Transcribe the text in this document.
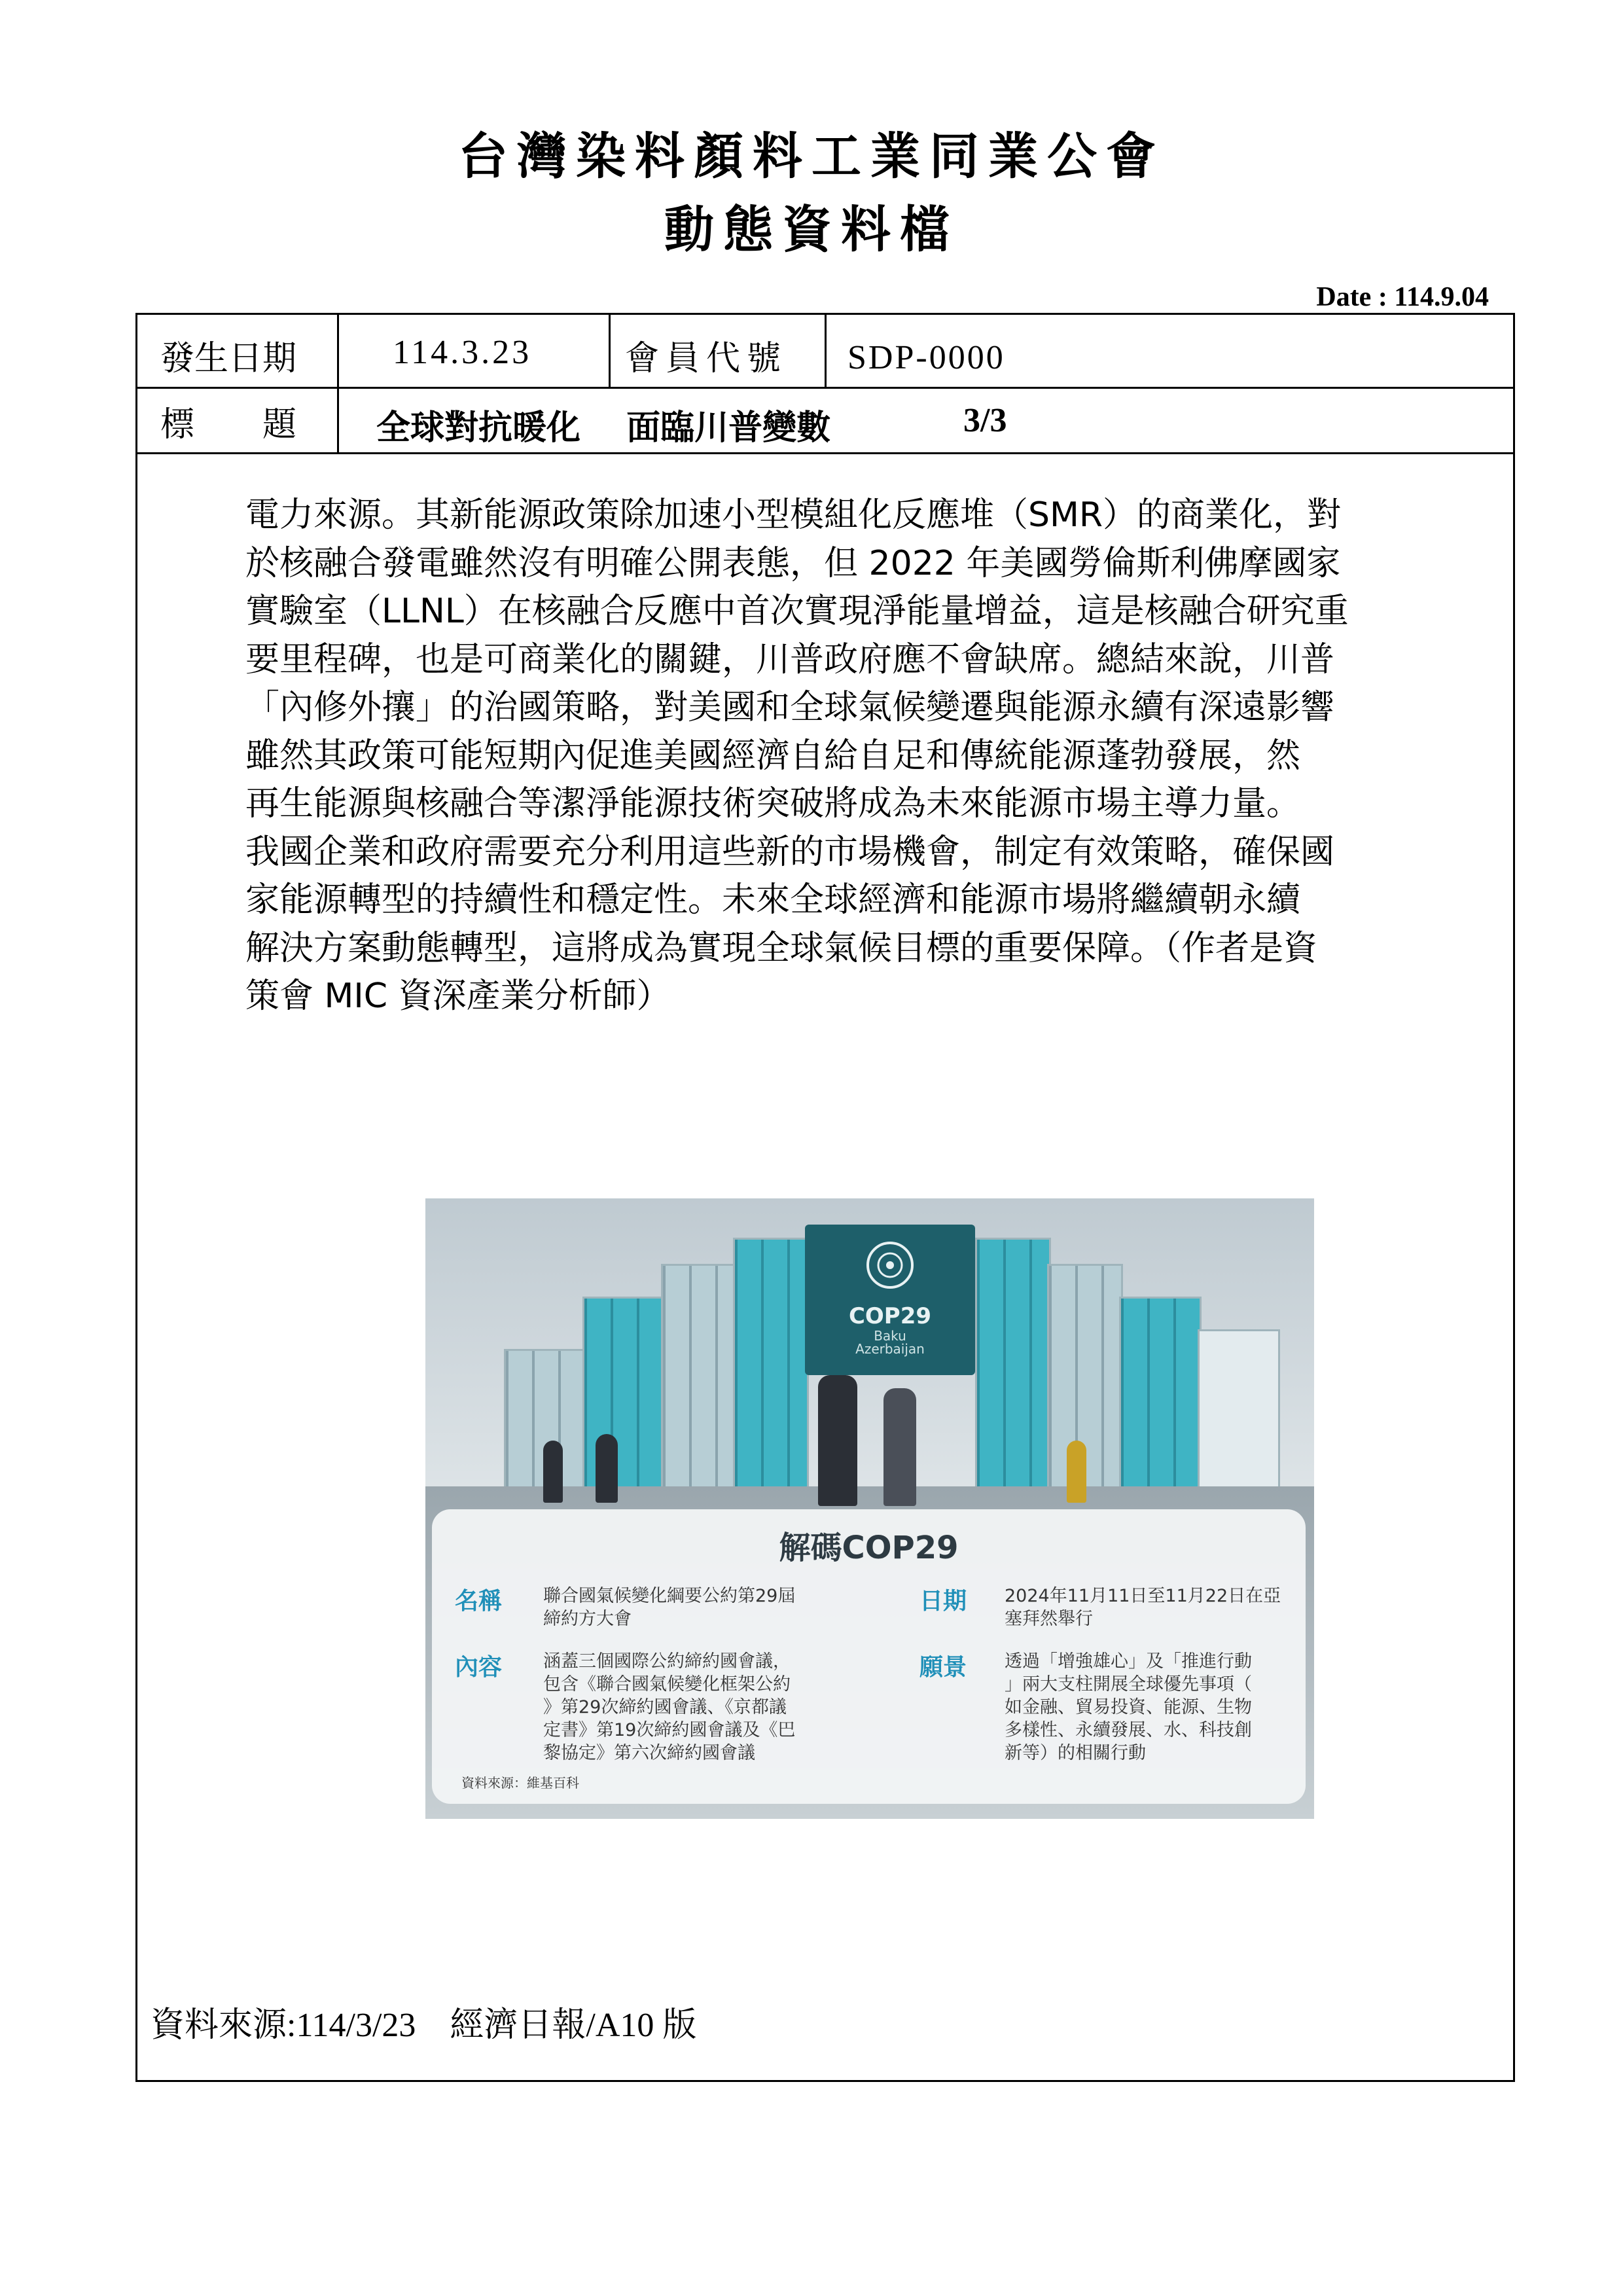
台灣染料顏料工業同業公會
動態資料檔
Date : 114.9.04
發生日期	114.3.23	會員代號 SDP-0000
標　　題 全球對抗暖化　 面臨川普變數	3/3
電力來源。其新能源政策除加速小型模組化反應堆（SMR）的商業化，對
於核融合發電雖然沒有明確公開表態，但 2022 年美國勞倫斯利佛摩國家
實驗室（LLNL）在核融合反應中首次實現淨能量增益，這是核融合研究重
要里程碑，也是可商業化的關鍵，川普政府應不會缺席。總結來說，川普
「內修外攘」的治國策略，對美國和全球氣候變遷與能源永續有深遠影響
雖然其政策可能短期內促進美國經濟自給自足和傳統能源蓬勃發展，然
再生能源與核融合等潔淨能源技術突破將成為未來能源市場主導力量。
我國企業和政府需要充分利用這些新的市場機會，制定有效策略，確保國
家能源轉型的持續性和穩定性。未來全球經濟和能源市場將繼續朝永續
解決方案動態轉型，這將成為實現全球氣候目標的重要保障。（作者是資
策會 MIC 資深產業分析師）
COP29
Baku
Azerbaijan
解碼COP29
名稱 聯合國氣候變化綱要公約第29屆
締約方大會
日期 2024年11月11日至11月22日在亞
塞拜然舉行
內容 涵蓋三個國際公約締約國會議，
包含《聯合國氣候變化框架公約
》第29次締約國會議、《京都議
定書》第19次締約國會議及《巴
黎協定》第六次締約國會議
願景 透過「增強雄心」及「推進行動
」兩大支柱開展全球優先事項（
如金融、貿易投資、能源、生物
多樣性、永續發展、水、科技創
新等）的相關行動
資料來源：維基百科
資料來源:114/3/23　經濟日報/A10 版
